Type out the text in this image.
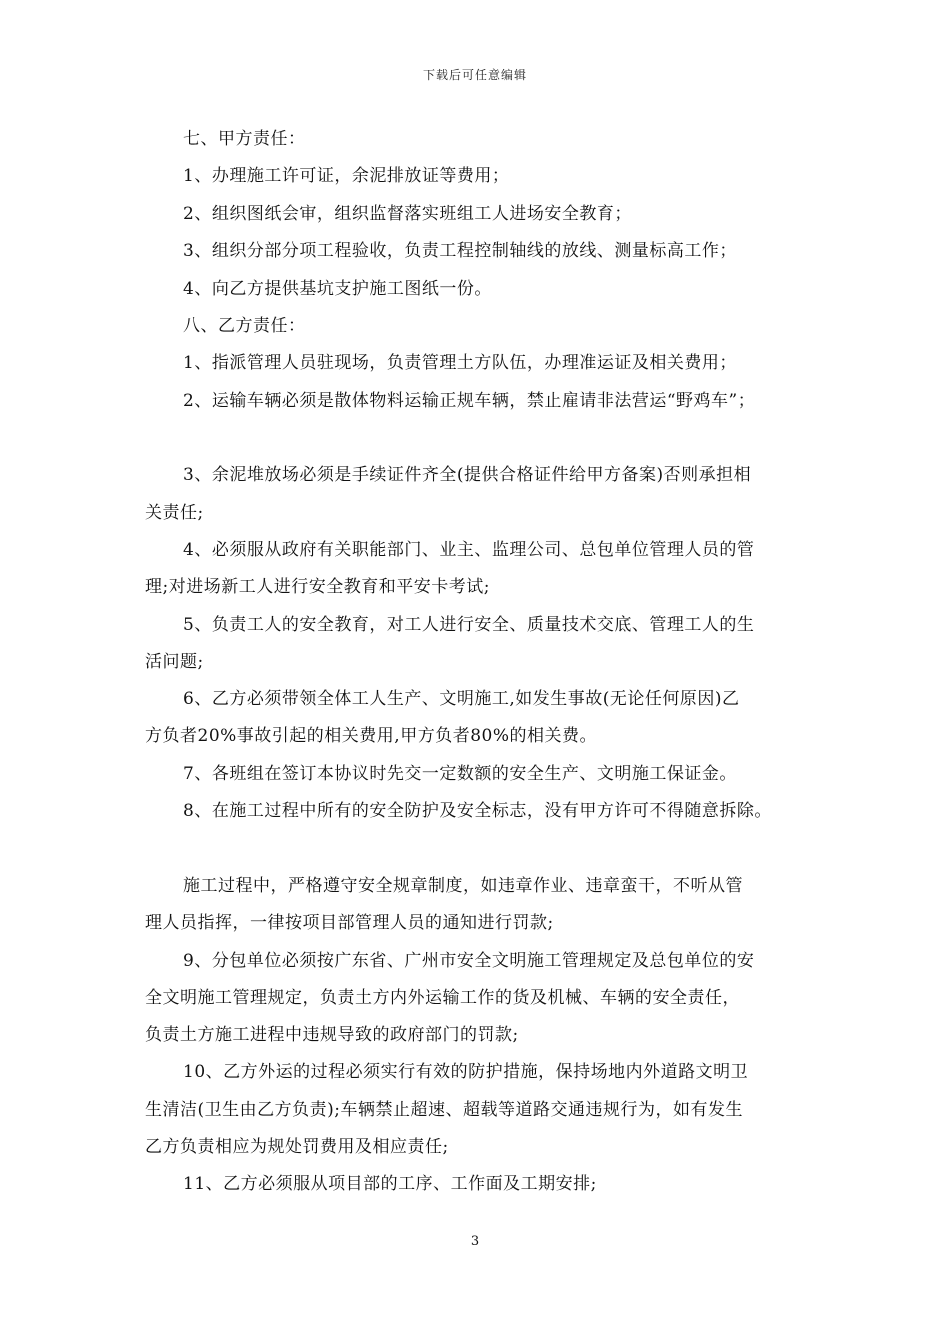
下载后可任意编辑
七、甲方责任：
1、办理施工许可证，余泥排放证等费用；
2、组织图纸会审，组织监督落实班组工人进场安全教育；
3、组织分部分项工程验收，负责工程控制轴线的放线、测量标高工作；
4、向乙方提供基坑支护施工图纸一份。
八、乙方责任：
1、指派管理人员驻现场，负责管理土方队伍，办理准运证及相关费用；
2、运输车辆必须是散体物料运输正规车辆，禁止雇请非法营运“野鸡车”；
3、余泥堆放场必须是手续证件齐全(提供合格证件给甲方备案)否则承担相
关责任;
4、必须服从政府有关职能部门、业主、监理公司、总包单位管理人员的管
理;对进场新工人进行安全教育和平安卡考试;
5、负责工人的安全教育，对工人进行安全、质量技术交底、管理工人的生
活问题;
6、乙方必须带领全体工人生产、文明施工,如发生事故(无论任何原因)乙
方负者20%事故引起的相关费用,甲方负者80%的相关费。
7、各班组在签订本协议时先交一定数额的安全生产、文明施工保证金。
8、在施工过程中所有的安全防护及安全标志，没有甲方许可不得随意拆除。
施工过程中，严格遵守安全规章制度，如违章作业、违章蛮干，不听从管
理人员指挥，一律按项目部管理人员的通知进行罚款;
9、分包单位必须按广东省、广州市安全文明施工管理规定及总包单位的安
全文明施工管理规定，负责土方内外运输工作的货及机械、车辆的安全责任，
负责土方施工进程中违规导致的政府部门的罚款;
10、乙方外运的过程必须实行有效的防护措施，保持场地内外道路文明卫
生清洁(卫生由乙方负责);车辆禁止超速、超载等道路交通违规行为，如有发生
乙方负责相应为规处罚费用及相应责任;
11、乙方必须服从项目部的工序、工作面及工期安排;
3
